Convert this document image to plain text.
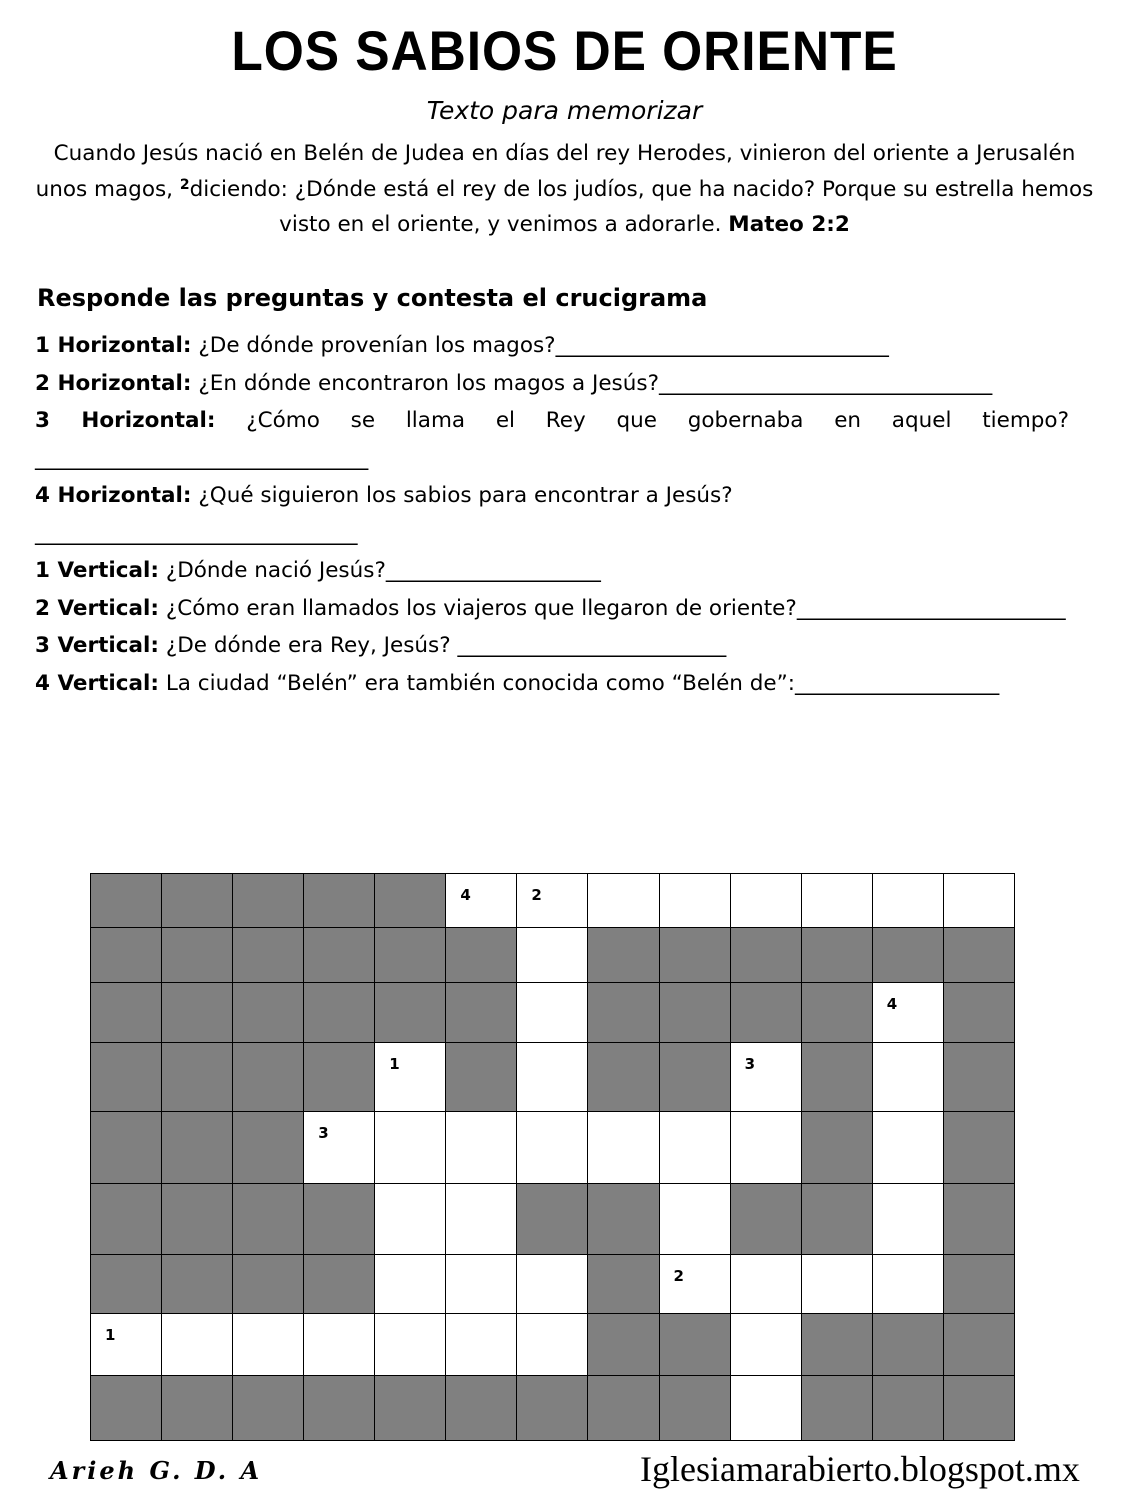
LOS SABIOS DE ORIENTE
Texto para memorizar
Cuando Jesús nació en Belén de Judea en días del rey Herodes, vinieron del oriente a Jerusalén unos magos, $^2$diciendo: ¿Dónde está el rey de los judíos, que ha nacido? Porque su estrella hemos visto en el oriente, y venimos a adorarle. Mateo 2:2
Responde las preguntas y contesta el crucigrama
1 Horizontal: ¿De dónde provenían los magos?_______________________________
2 Horizontal: ¿En dónde encontraron los magos a Jesús?_______________________________
3 Horizontal: ¿Cómo se llama el Rey que gobernaba en aquel tiempo?_______________________________
4 Horizontal: ¿Qué siguieron los sabios para encontrar a Jesús?
______________________________
1 Vertical: ¿Dónde nació Jesús?____________________
2 Vertical: ¿Cómo eran llamados los viajeros que llegaron de oriente?_________________________
3 Vertical: ¿De dónde era Rey, Jesús? _________________________
4 Vertical: La ciudad “Belén” era también conocida como “Belén de”:___________________

					4	2						

											4	

				1					3			

			3									

								2				

1												

Arieh G. D. A	Iglesiamarabierto.blogspot.mx
